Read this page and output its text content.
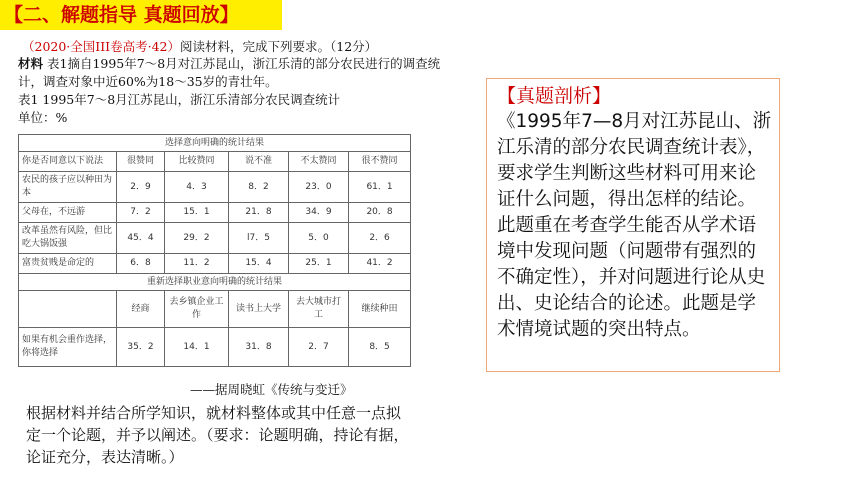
【二、解题指导 真题回放】
（2020·全国III卷高考·42）阅读材料，完成下列要求。（12分）
材料 表1摘自1995年7～8月对江苏昆山，浙江乐清的部分农民进行的调查统计，调查对象中近60%为18～35岁的青壮年。
表1 1995年7～8月江苏昆山，浙江乐清部分农民调查统计
单位：%
选择意向明确的统计结果					
你是否同意以下说法	很赞同	比较赞同	说不准	不太赞同	很不赞同
农民的孩子应以种田为本	2．9	4．3	8．2	23．0	61．1
父母在，不远游	7．2	15．1	21．8	34．9	20．8
改革虽然有风险，但比吃大锅饭强	45．4	29．2	l7．5	5．0	2．6
富贵贫贱是命定的	6．8	11．2	15．4	25．1	41．2
重新选择职业意向明确的统计结果					
	经商	去乡镇企业工作	读书上大学	去大城市打工	继续种田
如果有机会重作选择，你将选择	35．2	14．1	31．8	2．7	8．5
——据周晓虹《传统与变迁》
根据材料并结合所学知识，就材料整体或其中任意一点拟定一个论题，并予以阐述。（要求：论题明确，持论有据，论证充分，表达清晰。）
【真题剖析】
《1995年7—8月对江苏昆山、浙江乐清的部分农民调查统计表》，要求学生判断这些材料可用来论证什么问题，得出怎样的结论。此题重在考查学生能否从学术语境中发现问题（问题带有强烈的不确定性），并对问题进行论从史出、史论结合的论述。此题是学术情境试题的突出特点。
